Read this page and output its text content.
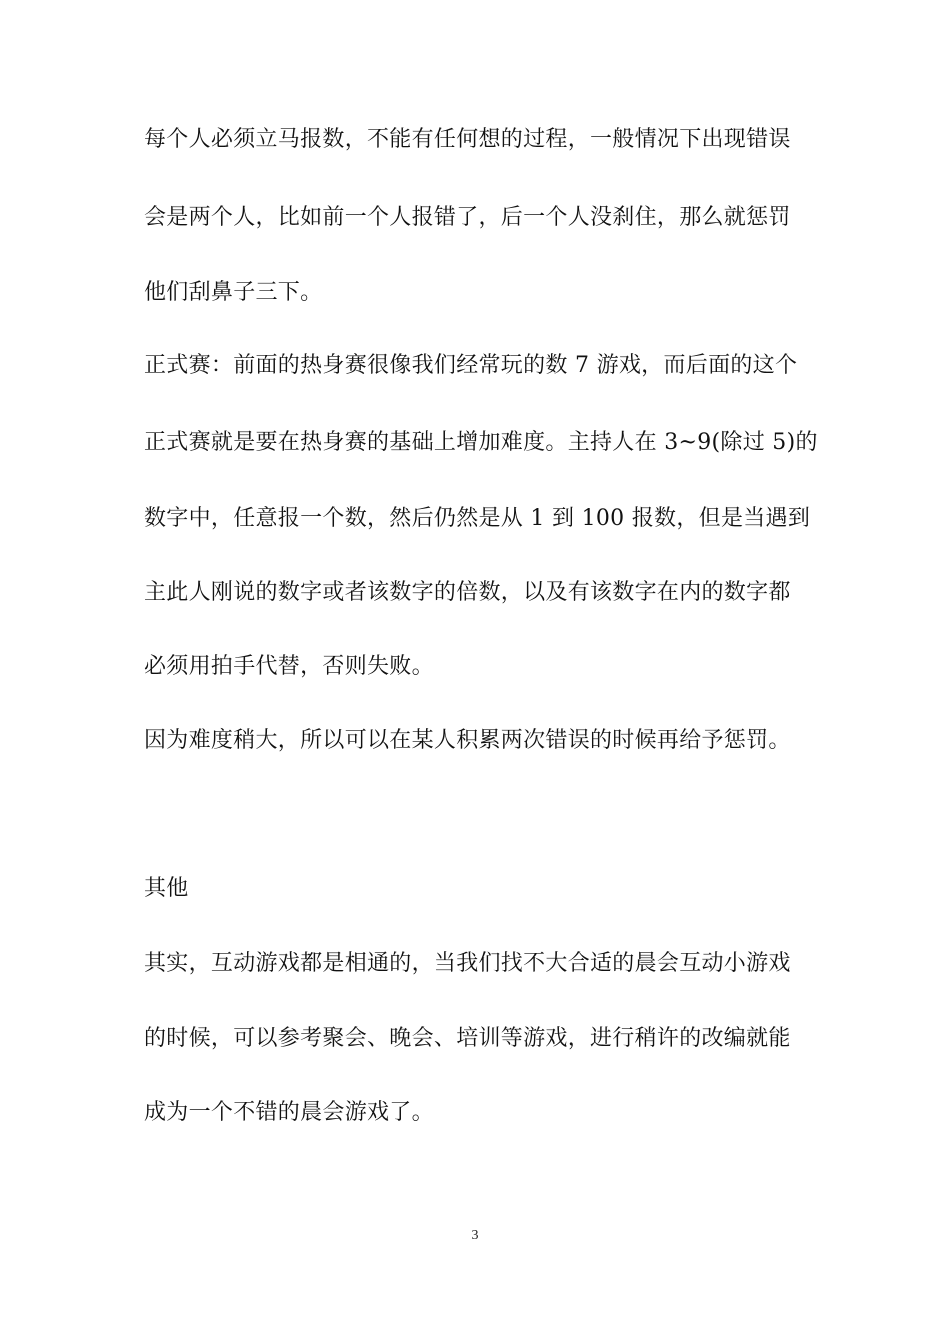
每个人必须立马报数，不能有任何想的过程，一般情况下出现错误
会是两个人，比如前一个人报错了，后一个人没刹住，那么就惩罚
他们刮鼻子三下。
正式赛：前面的热身赛很像我们经常玩的数 7 游戏，而后面的这个
正式赛就是要在热身赛的基础上增加难度。主持人在 3~9(除过 5)的
数字中，任意报一个数，然后仍然是从 1 到 100 报数，但是当遇到
主此人刚说的数字或者该数字的倍数，以及有该数字在内的数字都
必须用拍手代替，否则失败。
因为难度稍大，所以可以在某人积累两次错误的时候再给予惩罚。
其他
其实，互动游戏都是相通的，当我们找不大合适的晨会互动小游戏
的时候，可以参考聚会、晚会、培训等游戏，进行稍许的改编就能
成为一个不错的晨会游戏了。
3
